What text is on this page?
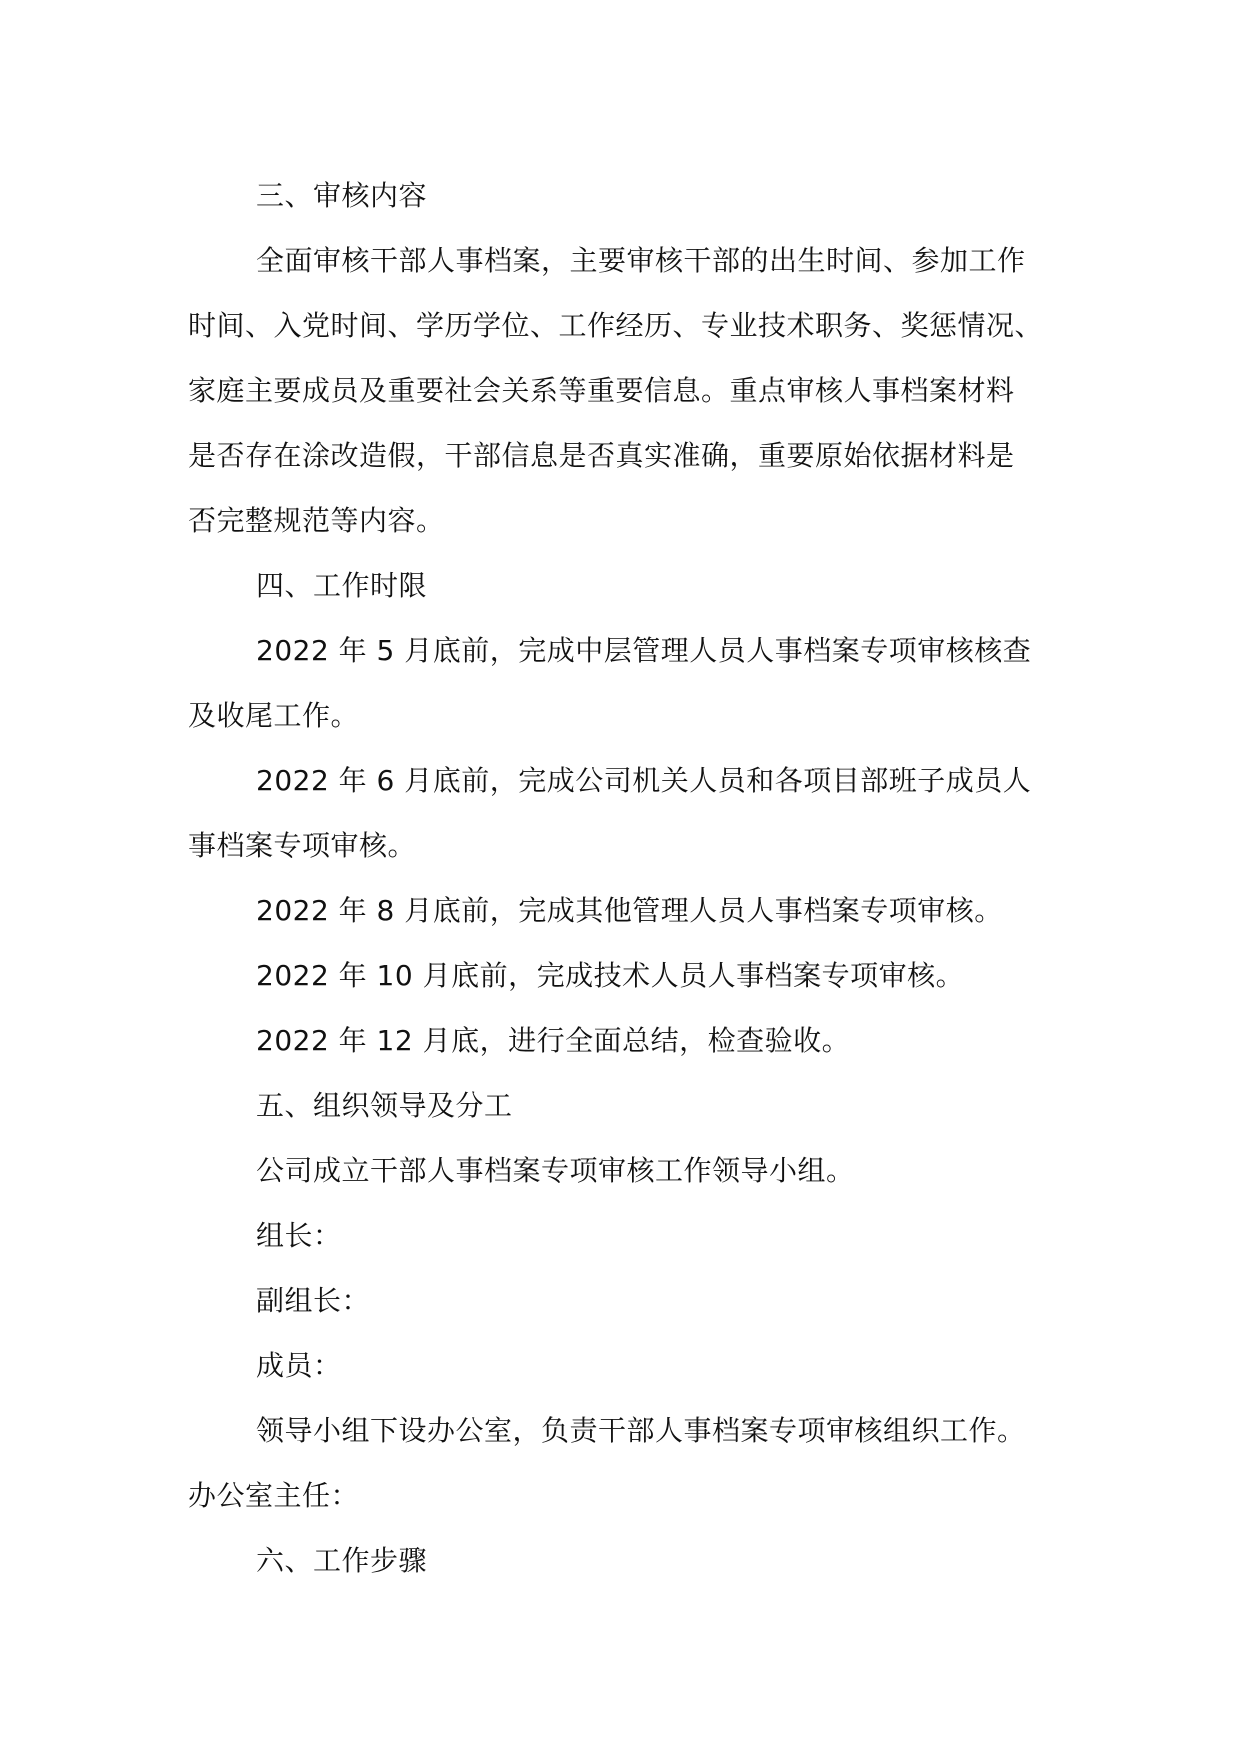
三、审核内容
全面审核干部人事档案，主要审核干部的出生时间、参加工作
时间、入党时间、学历学位、工作经历、专业技术职务、奖惩情况、
家庭主要成员及重要社会关系等重要信息。重点审核人事档案材料
是否存在涂改造假，干部信息是否真实准确，重要原始依据材料是
否完整规范等内容。
四、工作时限
2022 年 5 月底前，完成中层管理人员人事档案专项审核核查
及收尾工作。
2022 年 6 月底前，完成公司机关人员和各项目部班子成员人
事档案专项审核。
2022 年 8 月底前，完成其他管理人员人事档案专项审核。
2022 年 10 月底前，完成技术人员人事档案专项审核。
2022 年 12 月底，进行全面总结，检查验收。
五、组织领导及分工
公司成立干部人事档案专项审核工作领导小组。
组长：
副组长：
成员：
领导小组下设办公室，负责干部人事档案专项审核组织工作。
办公室主任：
六、工作步骤
